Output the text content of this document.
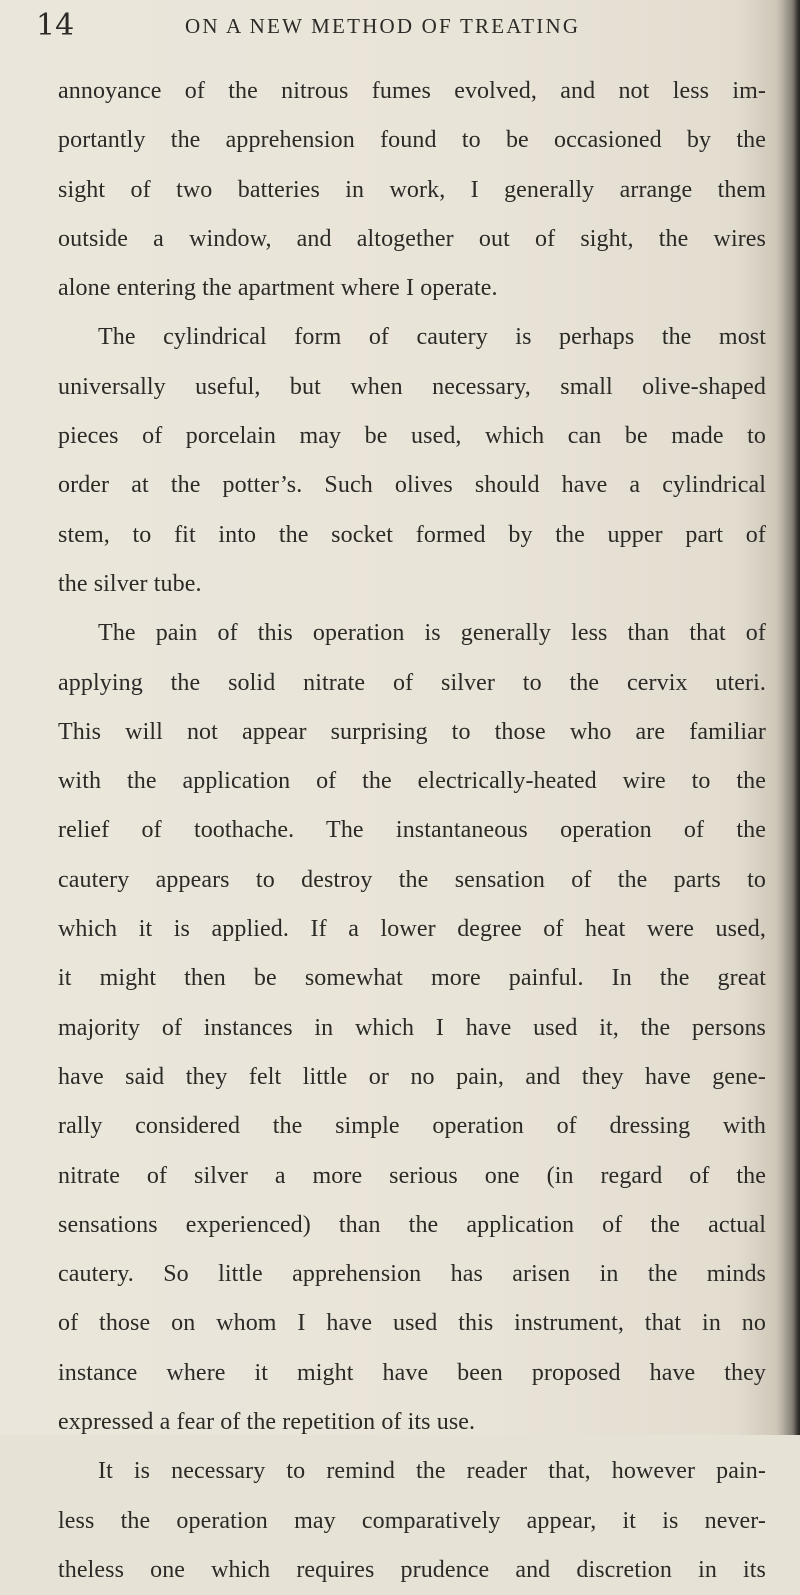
14	ON A NEW METHOD OF TREATING
annoyance of the nitrous fumes evolved, and not less im-
portantly the apprehension found to be occasioned by the
sight of two batteries in work, I generally arrange them
outside a window, and altogether out of sight, the wires
alone entering the apartment where I operate.
The cylindrical form of cautery is perhaps the most
universally useful, but when necessary, small olive-shaped
pieces of porcelain may be used, which can be made to
order at the potter’s. Such olives should have a cylindrical
stem, to fit into the socket formed by the upper part of
the silver tube.
The pain of this operation is generally less than that of
applying the solid nitrate of silver to the cervix uteri.
This will not appear surprising to those who are familiar
with the application of the electrically-heated wire to the
relief of toothache. The instantaneous operation of the
cautery appears to destroy the sensation of the parts to
which it is applied. If a lower degree of heat were used,
it might then be somewhat more painful. In the great
majority of instances in which I have used it, the persons
have said they felt little or no pain, and they have gene-
rally considered the simple operation of dressing with
nitrate of silver a more serious one (in regard of the
sensations experienced) than the application of the actual
cautery. So little apprehension has arisen in the minds
of those on whom I have used this instrument, that in no
instance where it might have been proposed have they
expressed a fear of the repetition of its use.
It is necessary to remind the reader that, however pain-
less the operation may comparatively appear, it is never-
theless one which requires prudence and discretion in its
